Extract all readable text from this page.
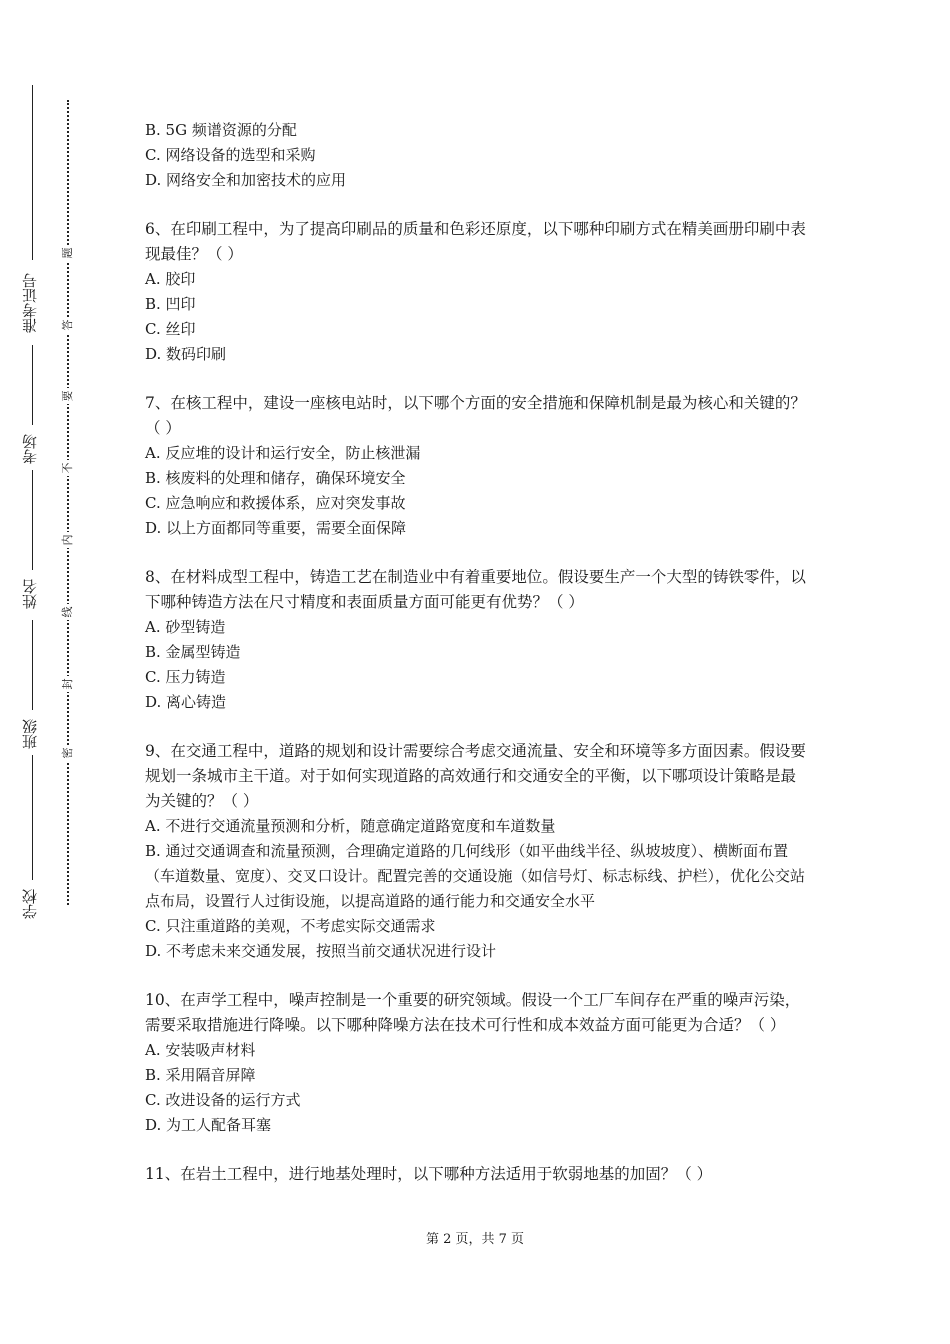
准考证号
考场
姓名
班级
学校
题
答
要
不
内
线
封
密
B. 5G 频谱资源的分配
C. 网络设备的选型和采购
D. 网络安全和加密技术的应用
6、在印刷工程中，为了提高印刷品的质量和色彩还原度，以下哪种印刷方式在精美画册印刷中表现最佳？（ ）
A. 胶印
B. 凹印
C. 丝印
D. 数码印刷
7、在核工程中，建设一座核电站时，以下哪个方面的安全措施和保障机制是最为核心和关键的？（ ）
A. 反应堆的设计和运行安全，防止核泄漏
B. 核废料的处理和储存，确保环境安全
C. 应急响应和救援体系，应对突发事故
D. 以上方面都同等重要，需要全面保障
8、在材料成型工程中，铸造工艺在制造业中有着重要地位。假设要生产一个大型的铸铁零件，以下哪种铸造方法在尺寸精度和表面质量方面可能更有优势？（ ）
A. 砂型铸造
B. 金属型铸造
C. 压力铸造
D. 离心铸造
9、在交通工程中，道路的规划和设计需要综合考虑交通流量、安全和环境等多方面因素。假设要规划一条城市主干道。对于如何实现道路的高效通行和交通安全的平衡，以下哪项设计策略是最为关键的？（ ）
A. 不进行交通流量预测和分析，随意确定道路宽度和车道数量
B. 通过交通调查和流量预测，合理确定道路的几何线形（如平曲线半径、纵坡坡度）、横断面布置（车道数量、宽度）、交叉口设计。配置完善的交通设施（如信号灯、标志标线、护栏），优化公交站点布局，设置行人过街设施，以提高道路的通行能力和交通安全水平
C. 只注重道路的美观，不考虑实际交通需求
D. 不考虑未来交通发展，按照当前交通状况进行设计
10、在声学工程中，噪声控制是一个重要的研究领域。假设一个工厂车间存在严重的噪声污染，需要采取措施进行降噪。以下哪种降噪方法在技术可行性和成本效益方面可能更为合适？（ ）
A. 安装吸声材料
B. 采用隔音屏障
C. 改进设备的运行方式
D. 为工人配备耳塞
11、在岩土工程中，进行地基处理时，以下哪种方法适用于软弱地基的加固？（ ）
第 2 页，共 7 页
